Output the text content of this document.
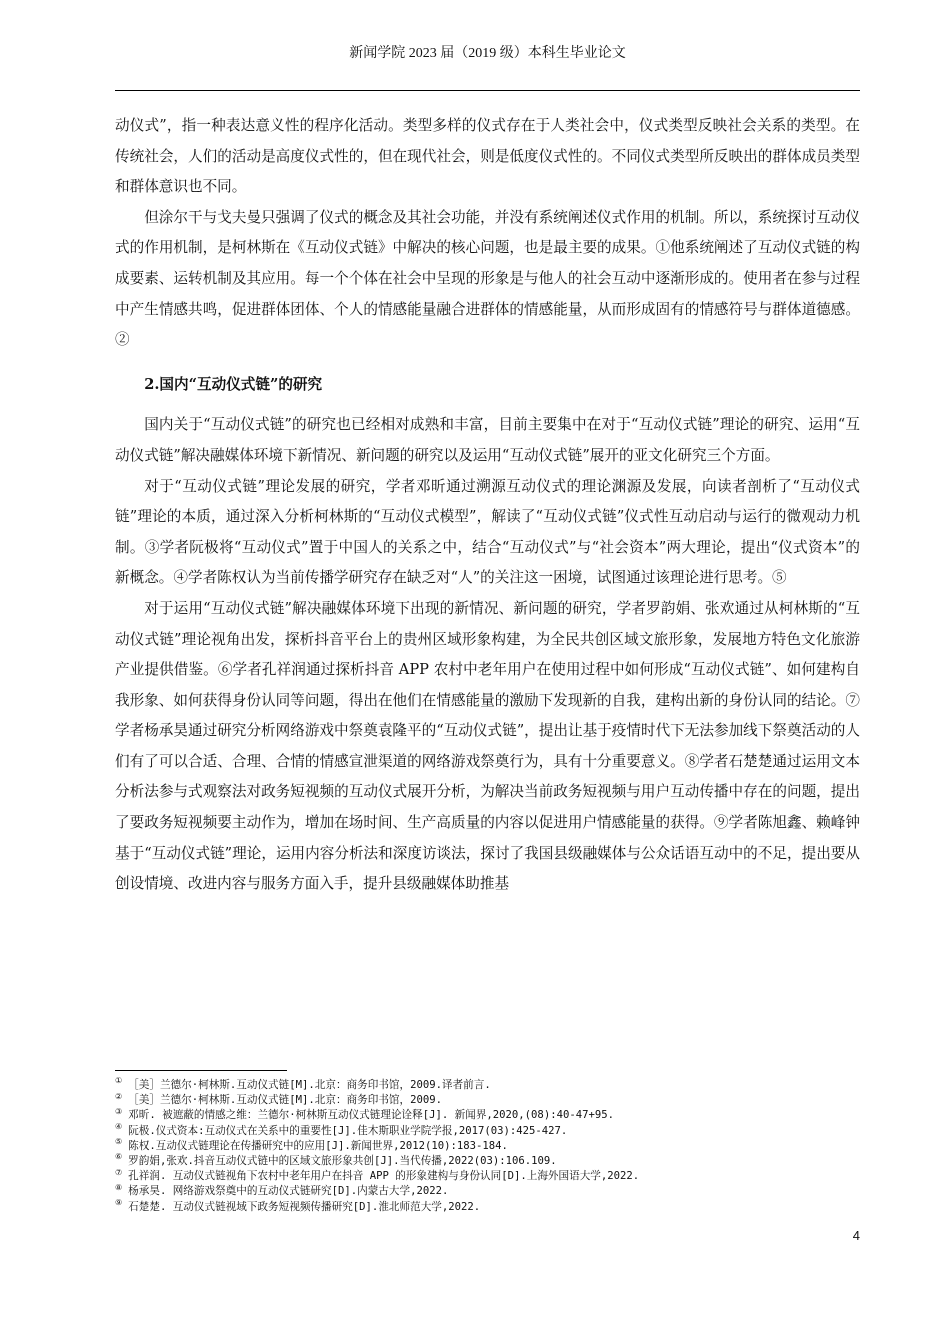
新闻学院 2023 届（2019 级）本科生毕业论文

动仪式”，指一种表达意义性的程序化活动。类型多样的仪式存在于人类社会中，仪式类型反映社会关系的类型。在传统社会，人们的活动是高度仪式性的，但在现代社会，则是低度仪式性的。不同仪式类型所反映出的群体成员类型和群体意识也不同。

但涂尔干与戈夫曼只强调了仪式的概念及其社会功能，并没有系统阐述仪式作用的机制。所以，系统探讨互动仪式的作用机制，是柯林斯在《互动仪式链》中解决的核心问题，也是最主要的成果。①他系统阐述了互动仪式链的构成要素、运转机制及其应用。每一个个体在社会中呈现的形象是与他人的社会互动中逐渐形成的。使用者在参与过程中产生情感共鸣，促进群体团体、个人的情感能量融合进群体的情感能量，从而形成固有的情感符号与群体道德感。②

2.国内“互动仪式链”的研究

国内关于“互动仪式链”的研究也已经相对成熟和丰富，目前主要集中在对于“互动仪式链”理论的研究、运用“互动仪式链”解决融媒体环境下新情况、新问题的研究以及运用“互动仪式链”展开的亚文化研究三个方面。

对于“互动仪式链”理论发展的研究，学者邓昕通过溯源互动仪式的理论渊源及发展，向读者剖析了“互动仪式链”理论的本质，通过深入分析柯林斯的“互动仪式模型”，解读了“互动仪式链”仪式性互动启动与运行的微观动力机制。③学者阮极将“互动仪式”置于中国人的关系之中，结合“互动仪式”与“社会资本”两大理论，提出“仪式资本”的新概念。④学者陈权认为当前传播学研究存在缺乏对“人”的关注这一困境，试图通过该理论进行思考。⑤

对于运用“互动仪式链”解决融媒体环境下出现的新情况、新问题的研究，学者罗韵娟、张欢通过从柯林斯的“互动仪式链”理论视角出发，探析抖音平台上的贵州区域形象构建，为全民共创区域文旅形象，发展地方特色文化旅游产业提供借鉴。⑥学者孔祥润通过探析抖音 APP 农村中老年用户在使用过程中如何形成“互动仪式链”、如何建构自我形象、如何获得身份认同等问题，得出在他们在情感能量的激励下发现新的自我，建构出新的身份认同的结论。⑦学者杨承昊通过研究分析网络游戏中祭奠袁隆平的“互动仪式链”，提出让基于疫情时代下无法参加线下祭奠活动的人们有了可以合适、合理、合情的情感宣泄渠道的网络游戏祭奠行为，具有十分重要意义。⑧学者石楚楚通过运用文本分析法参与式观察法对政务短视频的互动仪式展开分析，为解决当前政务短视频与用户互动传播中存在的问题，提出了要政务短视频要主动作为，增加在场时间、生产高质量的内容以促进用户情感能量的获得。⑨学者陈旭鑫、赖峰钟基于“互动仪式链”理论，运用内容分析法和深度访谈法，探讨了我国县级融媒体与公众话语互动中的不足，提出要从创设情境、改进内容与服务方面入手，提升县级融媒体助推基

① ［美］兰德尔·柯林斯.互动仪式链[M].北京：商务印书馆，2009.译者前言.

② ［美］兰德尔·柯林斯.互动仪式链[M].北京：商务印书馆，2009.

③ 邓昕. 被遮蔽的情感之维：兰德尔·柯林斯互动仪式链理论诠释[J]. 新闻界,2020,(08):40-47+95.

④ 阮极.仪式资本:互动仪式在关系中的重要性[J].佳木斯职业学院学报,2017(03):425-427.

⑤ 陈权.互动仪式链理论在传播研究中的应用[J].新闻世界,2012(10):183-184.

⑥ 罗韵娟,张欢.抖音互动仪式链中的区域文旅形象共创[J].当代传播,2022(03):106.109.

⑦ 孔祥润. 互动仪式链视角下农村中老年用户在抖音 APP 的形象建构与身份认同[D].上海外国语大学,2022.

⑧ 杨承昊. 网络游戏祭奠中的互动仪式链研究[D].内蒙古大学,2022.

⑨ 石楚楚. 互动仪式链视域下政务短视频传播研究[D].淮北师范大学,2022.

4
